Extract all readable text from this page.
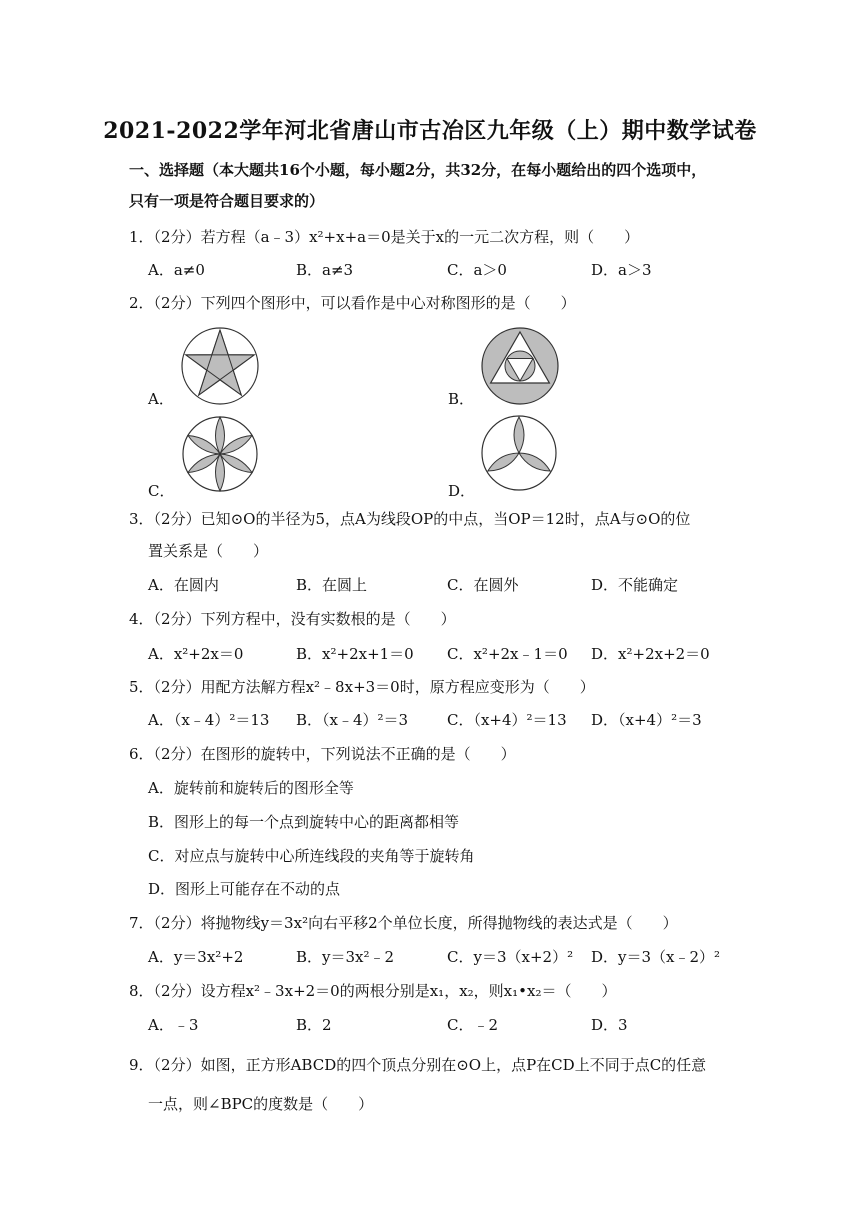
2021-2022学年河北省唐山市古冶区九年级（上）期中数学试卷
一、选择题（本大题共16个小题，每小题2分，共32分，在每小题给出的四个选项中，
只有一项是符合题目要求的）
1．（2分）若方程（a﹣3）x²+x+a＝0是关于x的一元二次方程，则（　　）
A．a≠0	B．a≠3	C．a＞0	D．a＞3
2．（2分）下列四个图形中，可以看作是中心对称图形的是（　　）
A．	B．
C．	D．
3．（2分）已知⊙O的半径为5，点A为线段OP的中点，当OP＝12时，点A与⊙O的位
置关系是（　　）
A．在圆内	B．在圆上	C．在圆外	D．不能确定
4．（2分）下列方程中，没有实数根的是（　　）
A．x²+2x＝0	B．x²+2x+1＝0 C．x²+2x﹣1＝0 D．x²+2x+2＝0
5．（2分）用配方法解方程x²﹣8x+3＝0时，原方程应变形为（　　）
A．（x﹣4）²＝13 B．（x﹣4）²＝3	C．（x+4）²＝13 D．（x+4）²＝3
6．（2分）在图形的旋转中，下列说法不正确的是（　　）
A．旋转前和旋转后的图形全等
B．图形上的每一个点到旋转中心的距离都相等
C．对应点与旋转中心所连线段的夹角等于旋转角
D．图形上可能存在不动的点
7．（2分）将抛物线y＝3x²向右平移2个单位长度，所得抛物线的表达式是（　　）
A．y＝3x²+2	B．y＝3x²﹣2	C．y＝3（x+2）² D．y＝3（x﹣2）²
8．（2分）设方程x²﹣3x+2＝0的两根分别是x₁，x₂，则x₁•x₂＝（　　）
A．﹣3	B．2	C．﹣2	D．3
9．（2分）如图，正方形ABCD的四个顶点分别在⊙O上，点P在CD上不同于点C的任意
一点，则∠BPC的度数是（　　）
